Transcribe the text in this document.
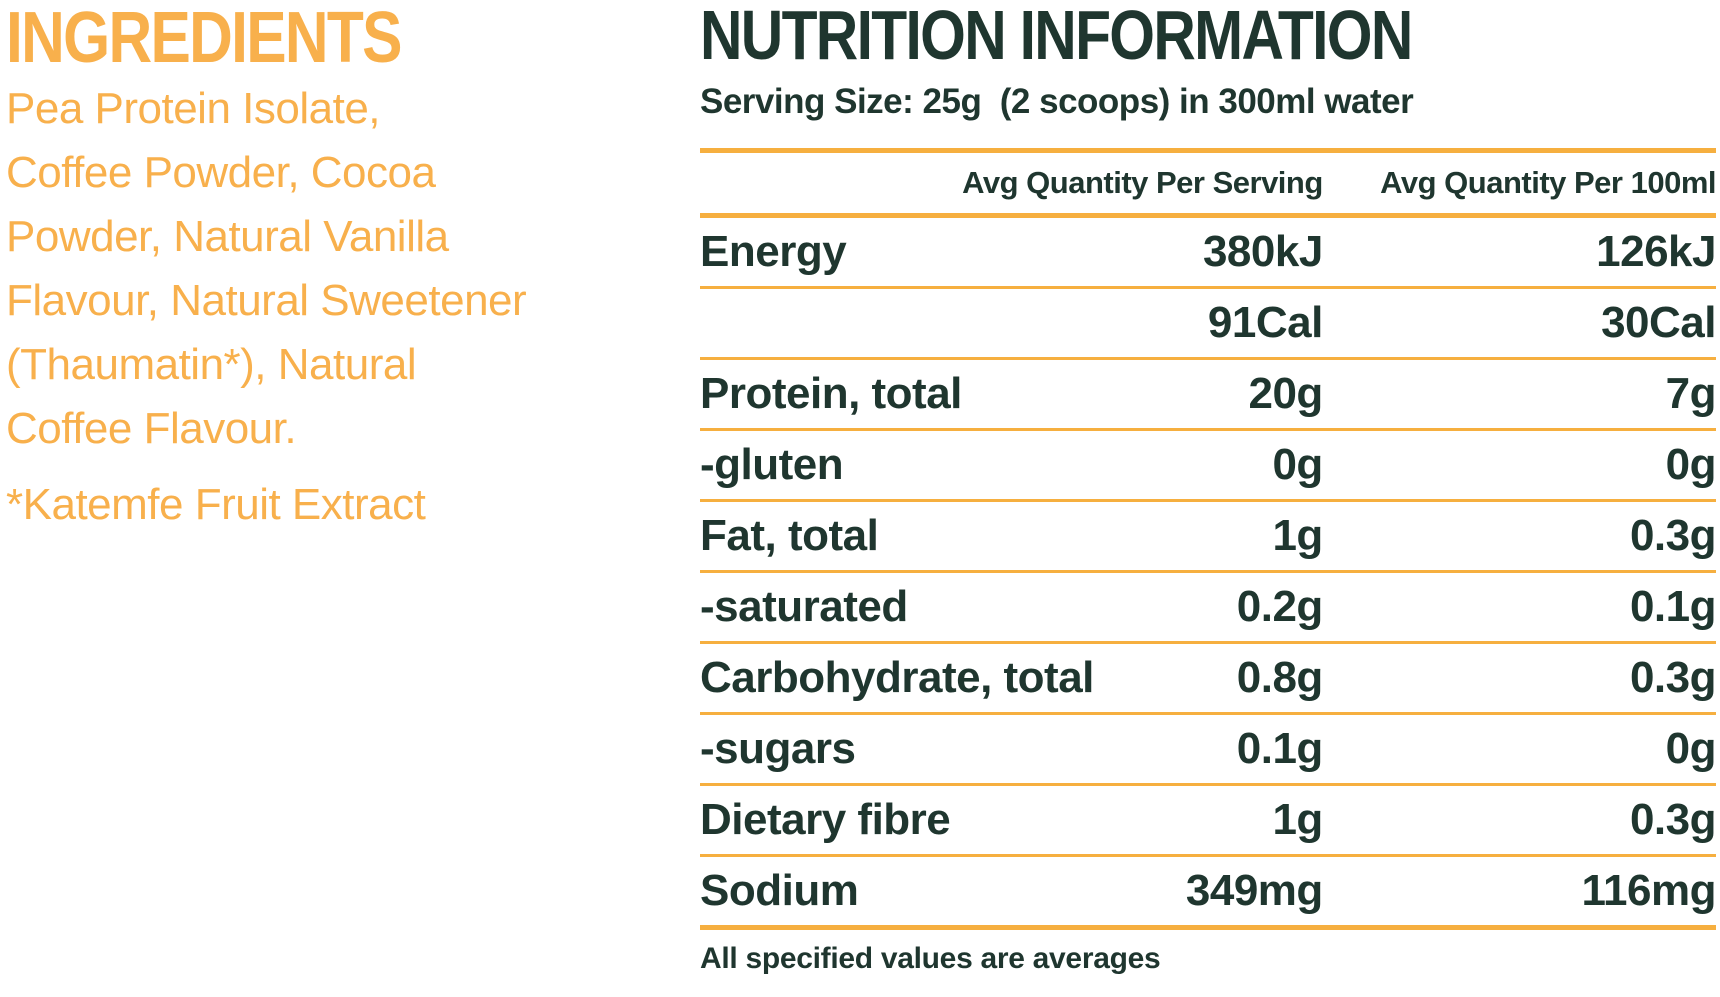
INGREDIENTS
Pea Protein Isolate,
Coffee Powder, Cocoa
Powder, Natural Vanilla
Flavour, Natural Sweetener
(Thaumatin*), Natural
Coffee Flavour.
*Katemfe Fruit Extract
NUTRITION INFORMATION
Serving Size: 25g  (2 scoops) in 300ml water
	Avg Quantity Per Serving	Avg Quantity Per 100ml
Energy	380kJ	126kJ
	91Cal	30Cal
Protein, total	20g	7g
-gluten	0g	0g
Fat, total	1g	0.3g
-saturated	0.2g	0.1g
Carbohydrate, total	0.8g	0.3g
-sugars	0.1g	0g
Dietary fibre	1g	0.3g
Sodium	349mg	116mg
All specified values are averages
